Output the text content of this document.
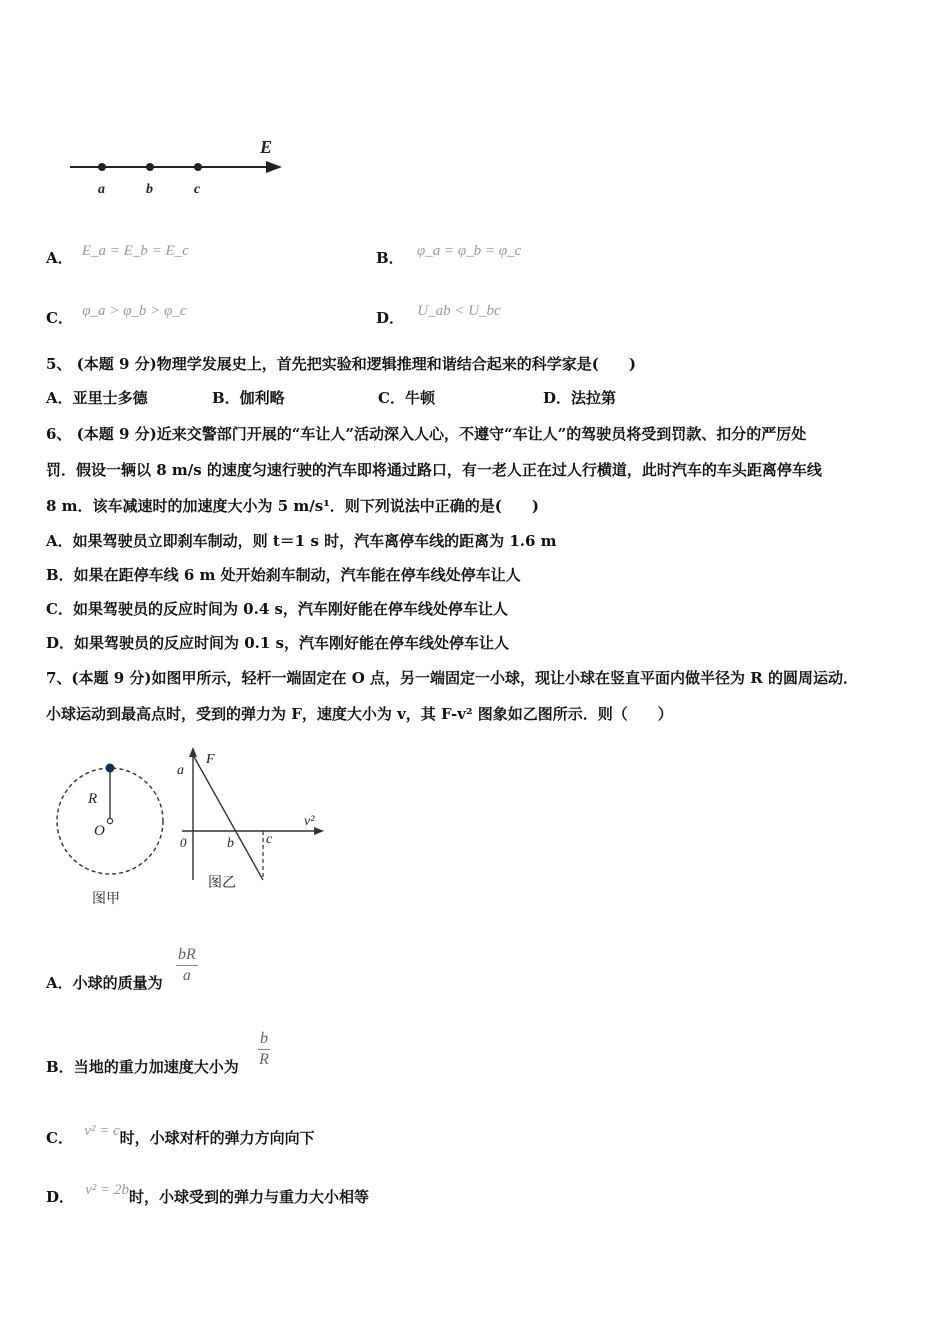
E
a	b	c
A． E_a = E_b = E_c	B． φ_a = φ_b = φ_c
C． φ_a > φ_b > φ_c	D． U_ab < U_bc
5、 (本题 9 分)物理学发展史上，首先把实验和逻辑推理和谐结合起来的科学家是(　　)
A．亚里士多德	B．伽利略	C．牛顿	D．法拉第
6、 (本题 9 分)近来交警部门开展的“车让人”活动深入人心，不遵守“车让人”的驾驶员将受到罚款、扣分的严厉处
罚．假设一辆以 8 m/s 的速度匀速行驶的汽车即将通过路口，有一老人正在过人行横道，此时汽车的车头距离停车线
8 m．该车减速时的加速度大小为 5 m/s¹．则下列说法中正确的是(　　)
A．如果驾驶员立即刹车制动，则 t＝1 s 时，汽车离停车线的距离为 1.6 m
B．如果在距停车线 6 m 处开始刹车制动，汽车能在停车线处停车让人
C．如果驾驶员的反应时间为 0.4 s，汽车刚好能在停车线处停车让人
D．如果驾驶员的反应时间为 0.1 s，汽车刚好能在停车线处停车让人
7、(本题 9 分)如图甲所示，轻杆一端固定在 O 点，另一端固定一小球，现让小球在竖直平面内做半径为 R 的圆周运动．
小球运动到最高点时，受到的弹力为 F，速度大小为 v，其 F-v² 图象如乙图所示．则（　　）
R
O
图甲
F
a
0	b c
v²
图乙
A．小球的质量为 $\frac{bR}{a}$
B．当地的重力加速度大小为 $\frac{b}{R}$
C． v² = c时，小球对杆的弹力方向向下
D． v² = 2b时，小球受到的弹力与重力大小相等
